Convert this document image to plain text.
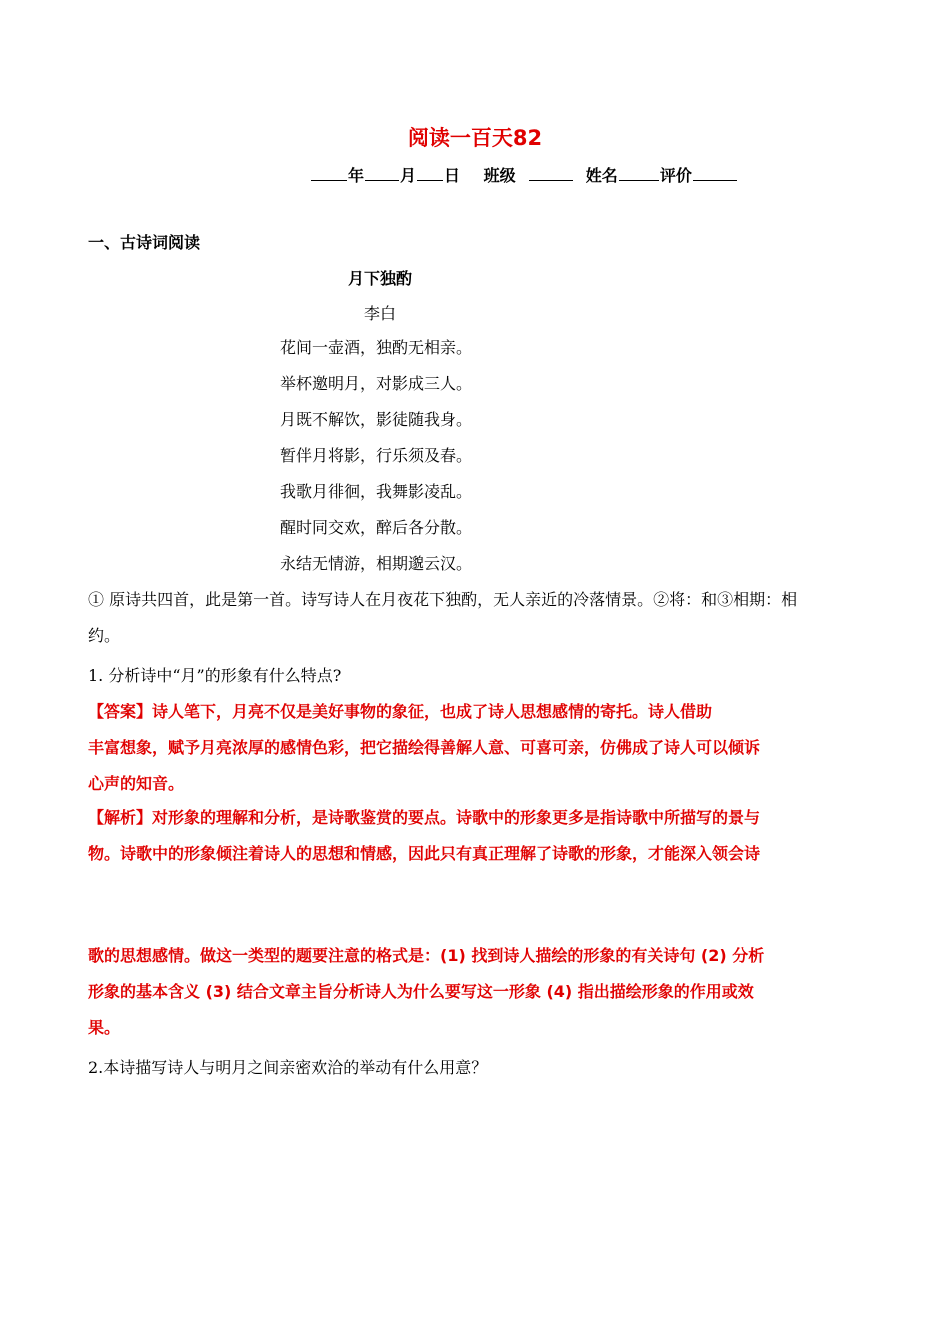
阅读一百天82
年 月 日 班级	姓名	评价
一、古诗词阅读
月下独酌
李白
花间一壶酒，独酌无相亲。
举杯邀明月，对影成三人。
月既不解饮，影徒随我身。
暂伴月将影，行乐须及春。
我歌月徘徊，我舞影凌乱。
醒时同交欢，醉后各分散。
永结无情游，相期邈云汉。
① 原诗共四首，此是第一首。诗写诗人在月夜花下独酌，无人亲近的冷落情景。②将：和③相期：相
约。
1. 分析诗中“月”的形象有什么特点?
【答案】诗人笔下，月亮不仅是美好事物的象征，也成了诗人思想感情的寄托。诗人借助
丰富想象，赋予月亮浓厚的感情色彩，把它描绘得善解人意、可喜可亲，仿佛成了诗人可以倾诉
心声的知音。
【解析】对形象的理解和分析，是诗歌鉴赏的要点。诗歌中的形象更多是指诗歌中所描写的景与
物。诗歌中的形象倾注着诗人的思想和情感，因此只有真正理解了诗歌的形象，才能深入领会诗
歌的思想感情。做这一类型的题要注意的格式是：(1) 找到诗人描绘的形象的有关诗句 (2) 分析
形象的基本含义 (3) 结合文章主旨分析诗人为什么要写这一形象 (4) 指出描绘形象的作用或效
果。
2.本诗描写诗人与明月之间亲密欢洽的举动有什么用意？
